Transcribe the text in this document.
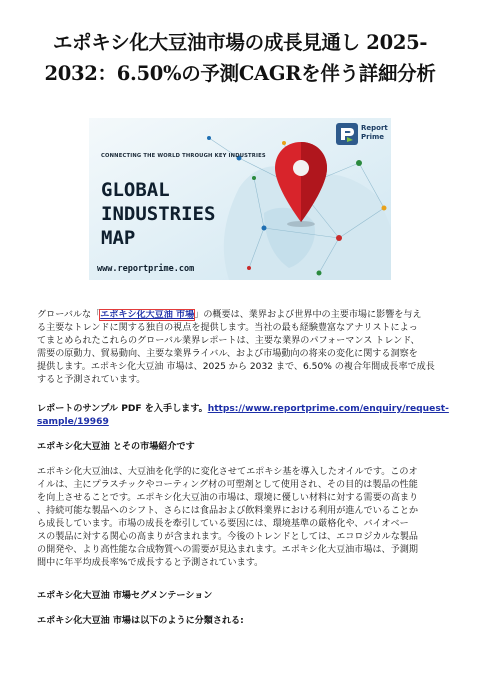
エポキシ化大豆油市場の成長見通し 2025-
2032：6.50%の予測CAGRを伴う詳細分析
CONNECTING THE WORLD THROUGH KEY INDUSTRIES
GLOBAL
INDUSTRIES
MAP
www.reportprime.com
Report
Prime
グローバルな「エポキシ化大豆油 市場」の概要は、業界および世界中の主要市場に影響を与え
る主要なトレンドに関する独自の視点を提供します。当社の最も経験豊富なアナリストによっ
てまとめられたこれらのグローバル業界レポートは、主要な業界のパフォーマンス トレンド、
需要の原動力、貿易動向、主要な業界ライバル、および市場動向の将来の変化に関する洞察を
提供します。エポキシ化大豆油 市場は、2025 から 2032 まで、6.50% の複合年間成長率で成長
すると予測されています。
レポートのサンプル PDF を入手します。https://www.reportprime.com/enquiry/request-
sample/19969
エポキシ化大豆油 とその市場紹介です
エポキシ化大豆油は、大豆油を化学的に変化させてエポキシ基を導入したオイルです。このオ
イルは、主にプラスチックやコーティング材の可塑剤として使用され、その目的は製品の性能
を向上させることです。エポキシ化大豆油の市場は、環境に優しい材料に対する需要の高まり
、持続可能な製品へのシフト、さらには食品および飲料業界における利用が進んでいることか
ら成長しています。市場の成長を牽引している要因には、環境基準の厳格化や、バイオベー
スの製品に対する関心の高まりが含まれます。今後のトレンドとしては、エコロジカルな製品
の開発や、より高性能な合成物質への需要が見込まれます。エポキシ化大豆油市場は、予測期
間中に年平均成長率%で成長すると予測されています。
エポキシ化大豆油 市場セグメンテーション
エポキシ化大豆油 市場は以下のように分類される:
